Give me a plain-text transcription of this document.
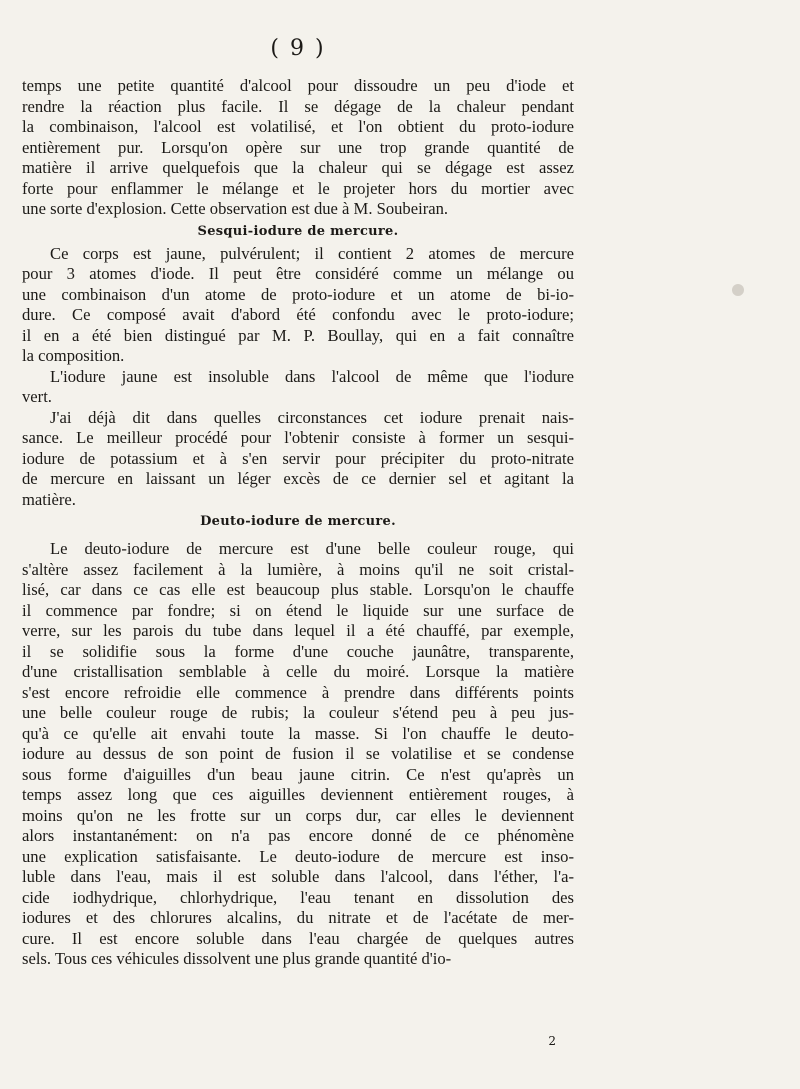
( 9 )
temps une petite quantité d'alcool pour dissoudre un peu d'iode et
rendre la réaction plus facile. Il se dégage de la chaleur pendant
la combinaison, l'alcool est volatilisé, et l'on obtient du proto-iodure
entièrement pur. Lorsqu'on opère sur une trop grande quantité de
matière il arrive quelquefois que la chaleur qui se dégage est assez
forte pour enflammer le mélange et le projeter hors du mortier avec
une sorte d'explosion. Cette observation est due à M. Soubeiran.
Sesqui-iodure de mercure.
Ce corps est jaune, pulvérulent; il contient 2 atomes de mercure
pour 3 atomes d'iode. Il peut être considéré comme un mélange ou
une combinaison d'un atome de proto-iodure et un atome de bi-io-
dure. Ce composé avait d'abord été confondu avec le proto-iodure;
il en a été bien distingué par M. P. Boullay, qui en a fait connaître
la composition.
L'iodure jaune est insoluble dans l'alcool de même que l'iodure
vert.
J'ai déjà dit dans quelles circonstances cet iodure prenait nais-
sance. Le meilleur procédé pour l'obtenir consiste à former un sesqui-
iodure de potassium et à s'en servir pour précipiter du proto-nitrate
de mercure en laissant un léger excès de ce dernier sel et agitant la
matière.
Deuto-iodure de mercure.
Le deuto-iodure de mercure est d'une belle couleur rouge, qui
s'altère assez facilement à la lumière, à moins qu'il ne soit cristal-
lisé, car dans ce cas elle est beaucoup plus stable. Lorsqu'on le chauffe
il commence par fondre; si on étend le liquide sur une surface de
verre, sur les parois du tube dans lequel il a été chauffé, par exemple,
il se solidifie sous la forme d'une couche jaunâtre, transparente,
d'une cristallisation semblable à celle du moiré. Lorsque la matière
s'est encore refroidie elle commence à prendre dans différents points
une belle couleur rouge de rubis; la couleur s'étend peu à peu jus-
qu'à ce qu'elle ait envahi toute la masse. Si l'on chauffe le deuto-
iodure au dessus de son point de fusion il se volatilise et se condense
sous forme d'aiguilles d'un beau jaune citrin. Ce n'est qu'après un
temps assez long que ces aiguilles deviennent entièrement rouges, à
moins qu'on ne les frotte sur un corps dur, car elles le deviennent
alors instantanément: on n'a pas encore donné de ce phénomène
une explication satisfaisante. Le deuto-iodure de mercure est inso-
luble dans l'eau, mais il est soluble dans l'alcool, dans l'éther, l'a-
cide iodhydrique, chlorhydrique, l'eau tenant en dissolution des
iodures et des chlorures alcalins, du nitrate et de l'acétate de mer-
cure. Il est encore soluble dans l'eau chargée de quelques autres
sels. Tous ces véhicules dissolvent une plus grande quantité d'io-
2
